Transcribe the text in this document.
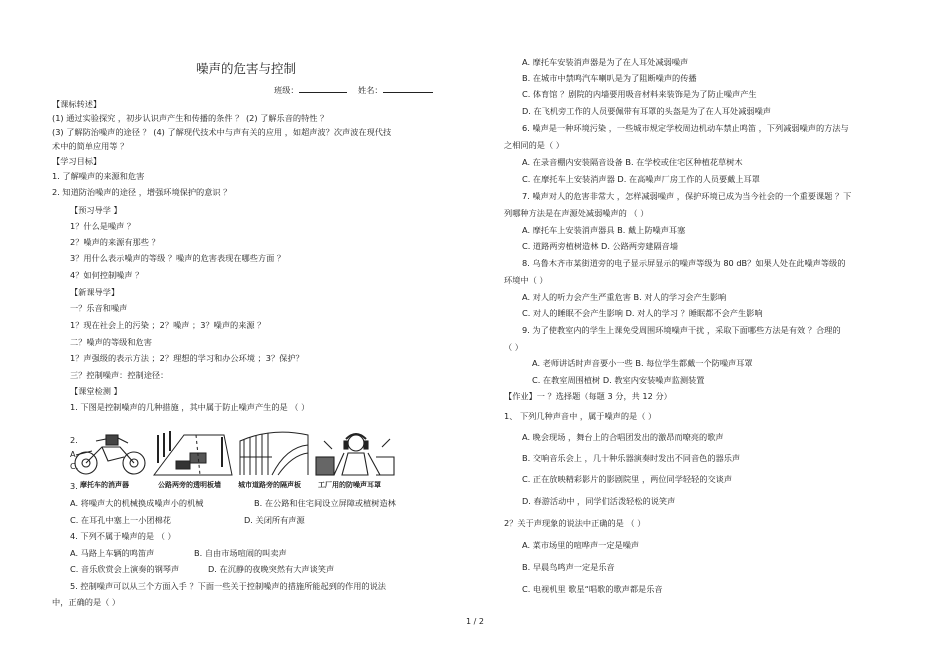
噪声的危害与控制
班级：	姓名：
【课标转述】
(1) 通过实验探究 ，初步认识声产生和传播的条件 ？ (2) 了解乐音的特性 ？
(3) 了解防治噪声的途径 ？ (4) 了解现代技术中与声有关的应用 ，如超声波？次声波在现代技
术中的简单应用等 ？
【学习目标】
1. 了解噪声的来源和危害
2. 知道防治噪声的途径 ，增强环境保护的意识 ？
【预习导学 】
1？什么是噪声 ？
2？噪声的来源有那些 ？
3？用什么表示噪声的等级 ？噪声的危害表现在哪些方面 ？
4？如何控制噪声 ？
【新课导学】
一？乐音和噪声
1？现在社会上的污染 ；2？噪声 ；3？噪声的来源 ？
二？噪声的等级和危害
1？声强级的表示方法 ；2？理想的学习和办公环境 ；3？保护？
三？控制噪声：控制途径：
【课堂检测 】
1. 下图是控制噪声的几种措施 ，其中属于防止噪声产生的是 （ ）
摩托车的消声器	公路两旁的透明板墙 城市道路旁的隔声板 工厂用的防噪声耳罩
2.
A.
C.
3.
A. 将噪声大的机械换成噪声小的机械	B. 在公路和住宅间设立屏障或植树造林
C. 在耳孔中塞上一小团棉花	D. 关闭所有声源
4. 下列不属于噪声的是 （ ）
A. 马路上车辆的鸣笛声	B. 自由市场喧闹的叫卖声
C. 音乐欣赏会上演奏的钢琴声	D. 在沉静的夜晚突然有大声谈笑声
5. 控制噪声可以从三个方面入手 ？下面一些关于控制噪声的措施所能起到的作用的说法
中，正确的是（ ）
A. 摩托车安装消声器是为了在人耳处减弱噪声
B. 在城市中禁鸣汽车喇叭是为了阻断噪声的传播
C. 体育馆 ？剧院的内墙要用吸音材料来装饰是为了防止噪声产生
D. 在飞机旁工作的人员要佩带有耳罩的头盔是为了在人耳处减弱噪声
6. 噪声是一种环境污染 ，一些城市规定学校周边机动车禁止鸣笛 ，下列减弱噪声的方法与
之相同的是（ ）
A. 在录音棚内安装隔音设备 B. 在学校或住宅区种植花草树木
C. 在摩托车上安装消声器 D. 在高噪声厂房工作的人员要戴上耳罩
7. 噪声对人的危害非常大 ，怎样减弱噪声 ，保护环境已成为当今社会的一个重要课题 ？下
列哪种方法是在声源处减弱噪声的 （ ）
A. 摩托车上安装消声器具 B. 戴上防噪声耳塞
C. 道路两旁植树造林 D. 公路两旁建隔音墙
8. 乌鲁木齐市某街道旁的电子显示屏显示的噪声等级为 80 dB？如果人处在此噪声等级的
环境中（ ）
A. 对人的听力会产生严重危害 B. 对人的学习会产生影响
C. 对人的睡眠不会产生影响 D. 对人的学习 ？睡眠都不会产生影响
9. 为了使教室内的学生上课免受周围环境噪声干扰 ，采取下面哪些方法是有效 ？合理的
（ ）
A. 老师讲话时声音要小一些 B. 每位学生都戴一个防噪声耳罩
C. 在教室周围植树 D. 教室内安装噪声监测装置
【作业】一 ？选择题（每题 3 分，共 12 分）
1、 下列几种声音中 ，属于噪声的是（ ）
A. 晚会现场 ，舞台上的合唱团发出的激昂而嘹亮的歌声
B. 交响音乐会上 ，几十种乐器演奏时发出不同音色的器乐声
C. 正在放映精彩影片的影剧院里 ，两位同学轻轻的交谈声
D. 春游活动中 ，同学们活泼轻松的说笑声
2？关于声现象的说法中正确的是 （ ）
A. 菜市场里的喧哗声一定是噪声
B. 早晨鸟鸣声一定是乐音
C. 电视机里 歌星“唱歌的歌声都是乐音
1 / 2
